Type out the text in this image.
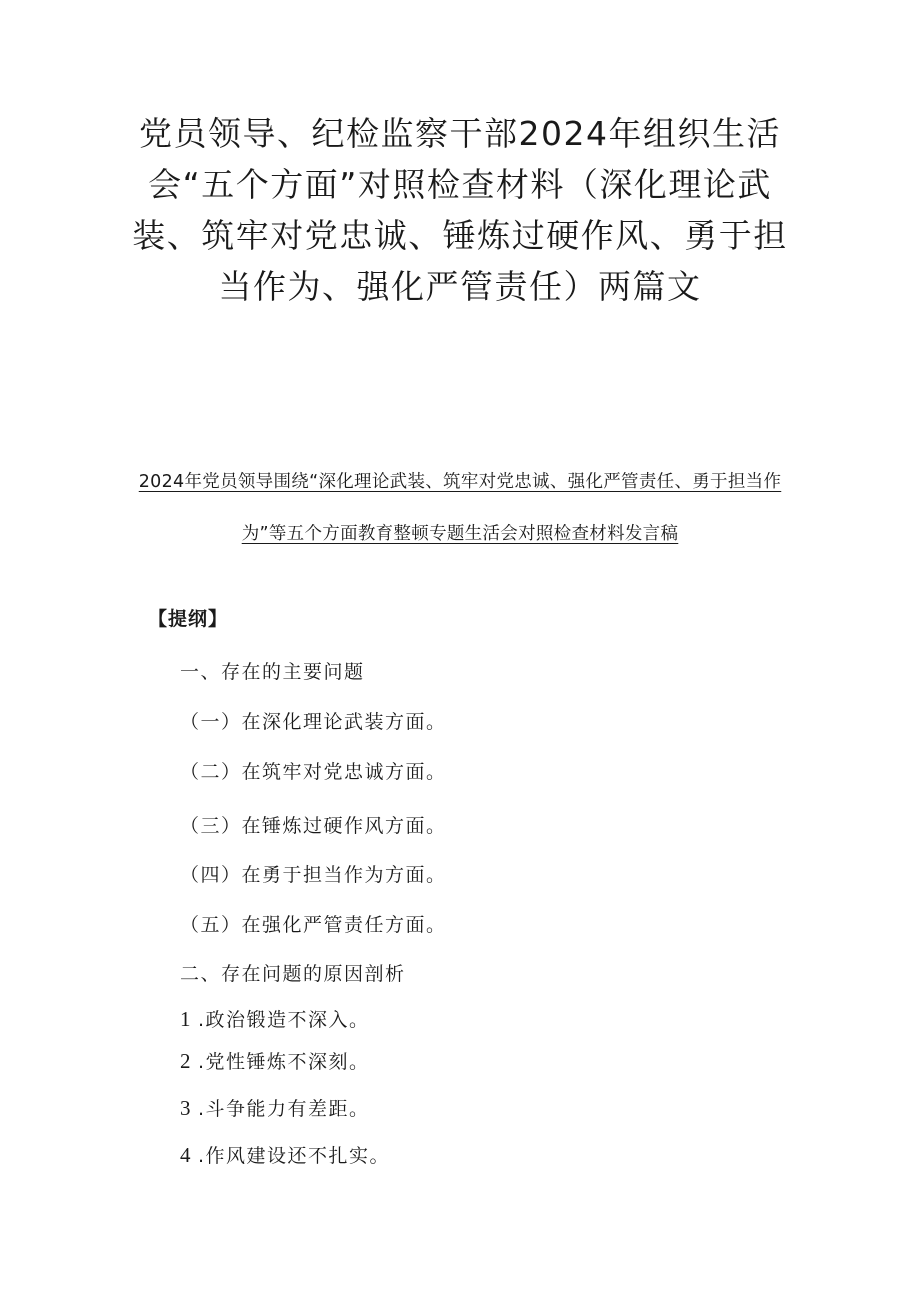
党员领导、纪检监察干部2024年组织生活会“五个方面”对照检查材料（深化理论武装、筑牢对党忠诚、锤炼过硬作风、勇于担当作为、强化严管责任）两篇文
2024年党员领导围绕“深化理论武装、筑牢对党忠诚、强化严管责任、勇于担当作为”等五个方面教育整顿专题生活会对照检查材料发言稿
【提纲】
一、存在的主要问题
（一）在深化理论武装方面。
（二）在筑牢对党忠诚方面。
（三）在锤炼过硬作风方面。
（四）在勇于担当作为方面。
（五）在强化严管责任方面。
二、存在问题的原因剖析
1 .政治锻造不深入。
2 .党性锤炼不深刻。
3 .斗争能力有差距。
4 .作风建设还不扎实。
